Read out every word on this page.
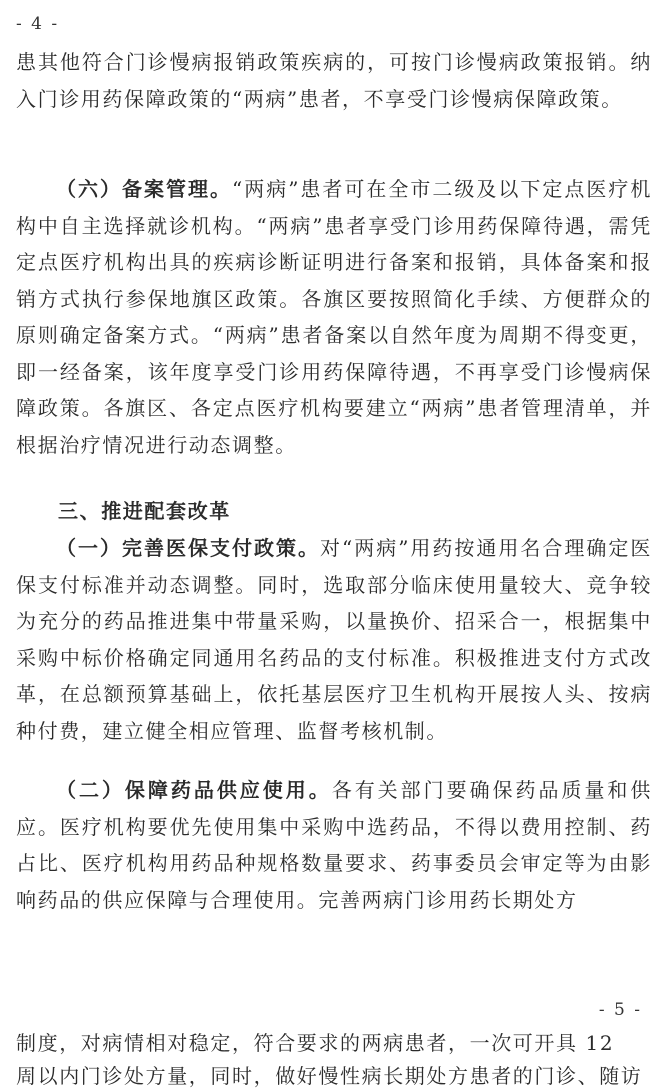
- 4 -

患其他符合门诊慢病报销政策疾病的，可按门诊慢病政策报销。纳入门诊用药保障政策的“两病”患者，不享受门诊慢病保障政策。

（六）备案管理。“两病”患者可在全市二级及以下定点医疗机构中自主选择就诊机构。“两病”患者享受门诊用药保障待遇，需凭定点医疗机构出具的疾病诊断证明进行备案和报销，具体备案和报销方式执行参保地旗区政策。各旗区要按照简化手续、方便群众的原则确定备案方式。“两病”患者备案以自然年度为周期不得变更，即一经备案，该年度享受门诊用药保障待遇，不再享受门诊慢病保障政策。各旗区、各定点医疗机构要建立“两病”患者管理清单，并根据治疗情况进行动态调整。

三、推进配套改革

（一）完善医保支付政策。对“两病”用药按通用名合理确定医保支付标准并动态调整。同时，选取部分临床使用量较大、竞争较为充分的药品推进集中带量采购，以量换价、招采合一，根据集中采购中标价格确定同通用名药品的支付标准。积极推进支付方式改革，在总额预算基础上，依托基层医疗卫生机构开展按人头、按病种付费，建立健全相应管理、监督考核机制。

（二）保障药品供应使用。各有关部门要确保药品质量和供应。医疗机构要优先使用集中采购中选药品，不得以费用控制、药占比、医疗机构用药品种规格数量要求、药事委员会审定等为由影响药品的供应保障与合理使用。完善两病门诊用药长期处方

- 5 -

制度，对病情相对稳定，符合要求的两病患者，一次可开具 12

周以内门诊处方量，同时，做好慢性病长期处方患者的门诊、随访
